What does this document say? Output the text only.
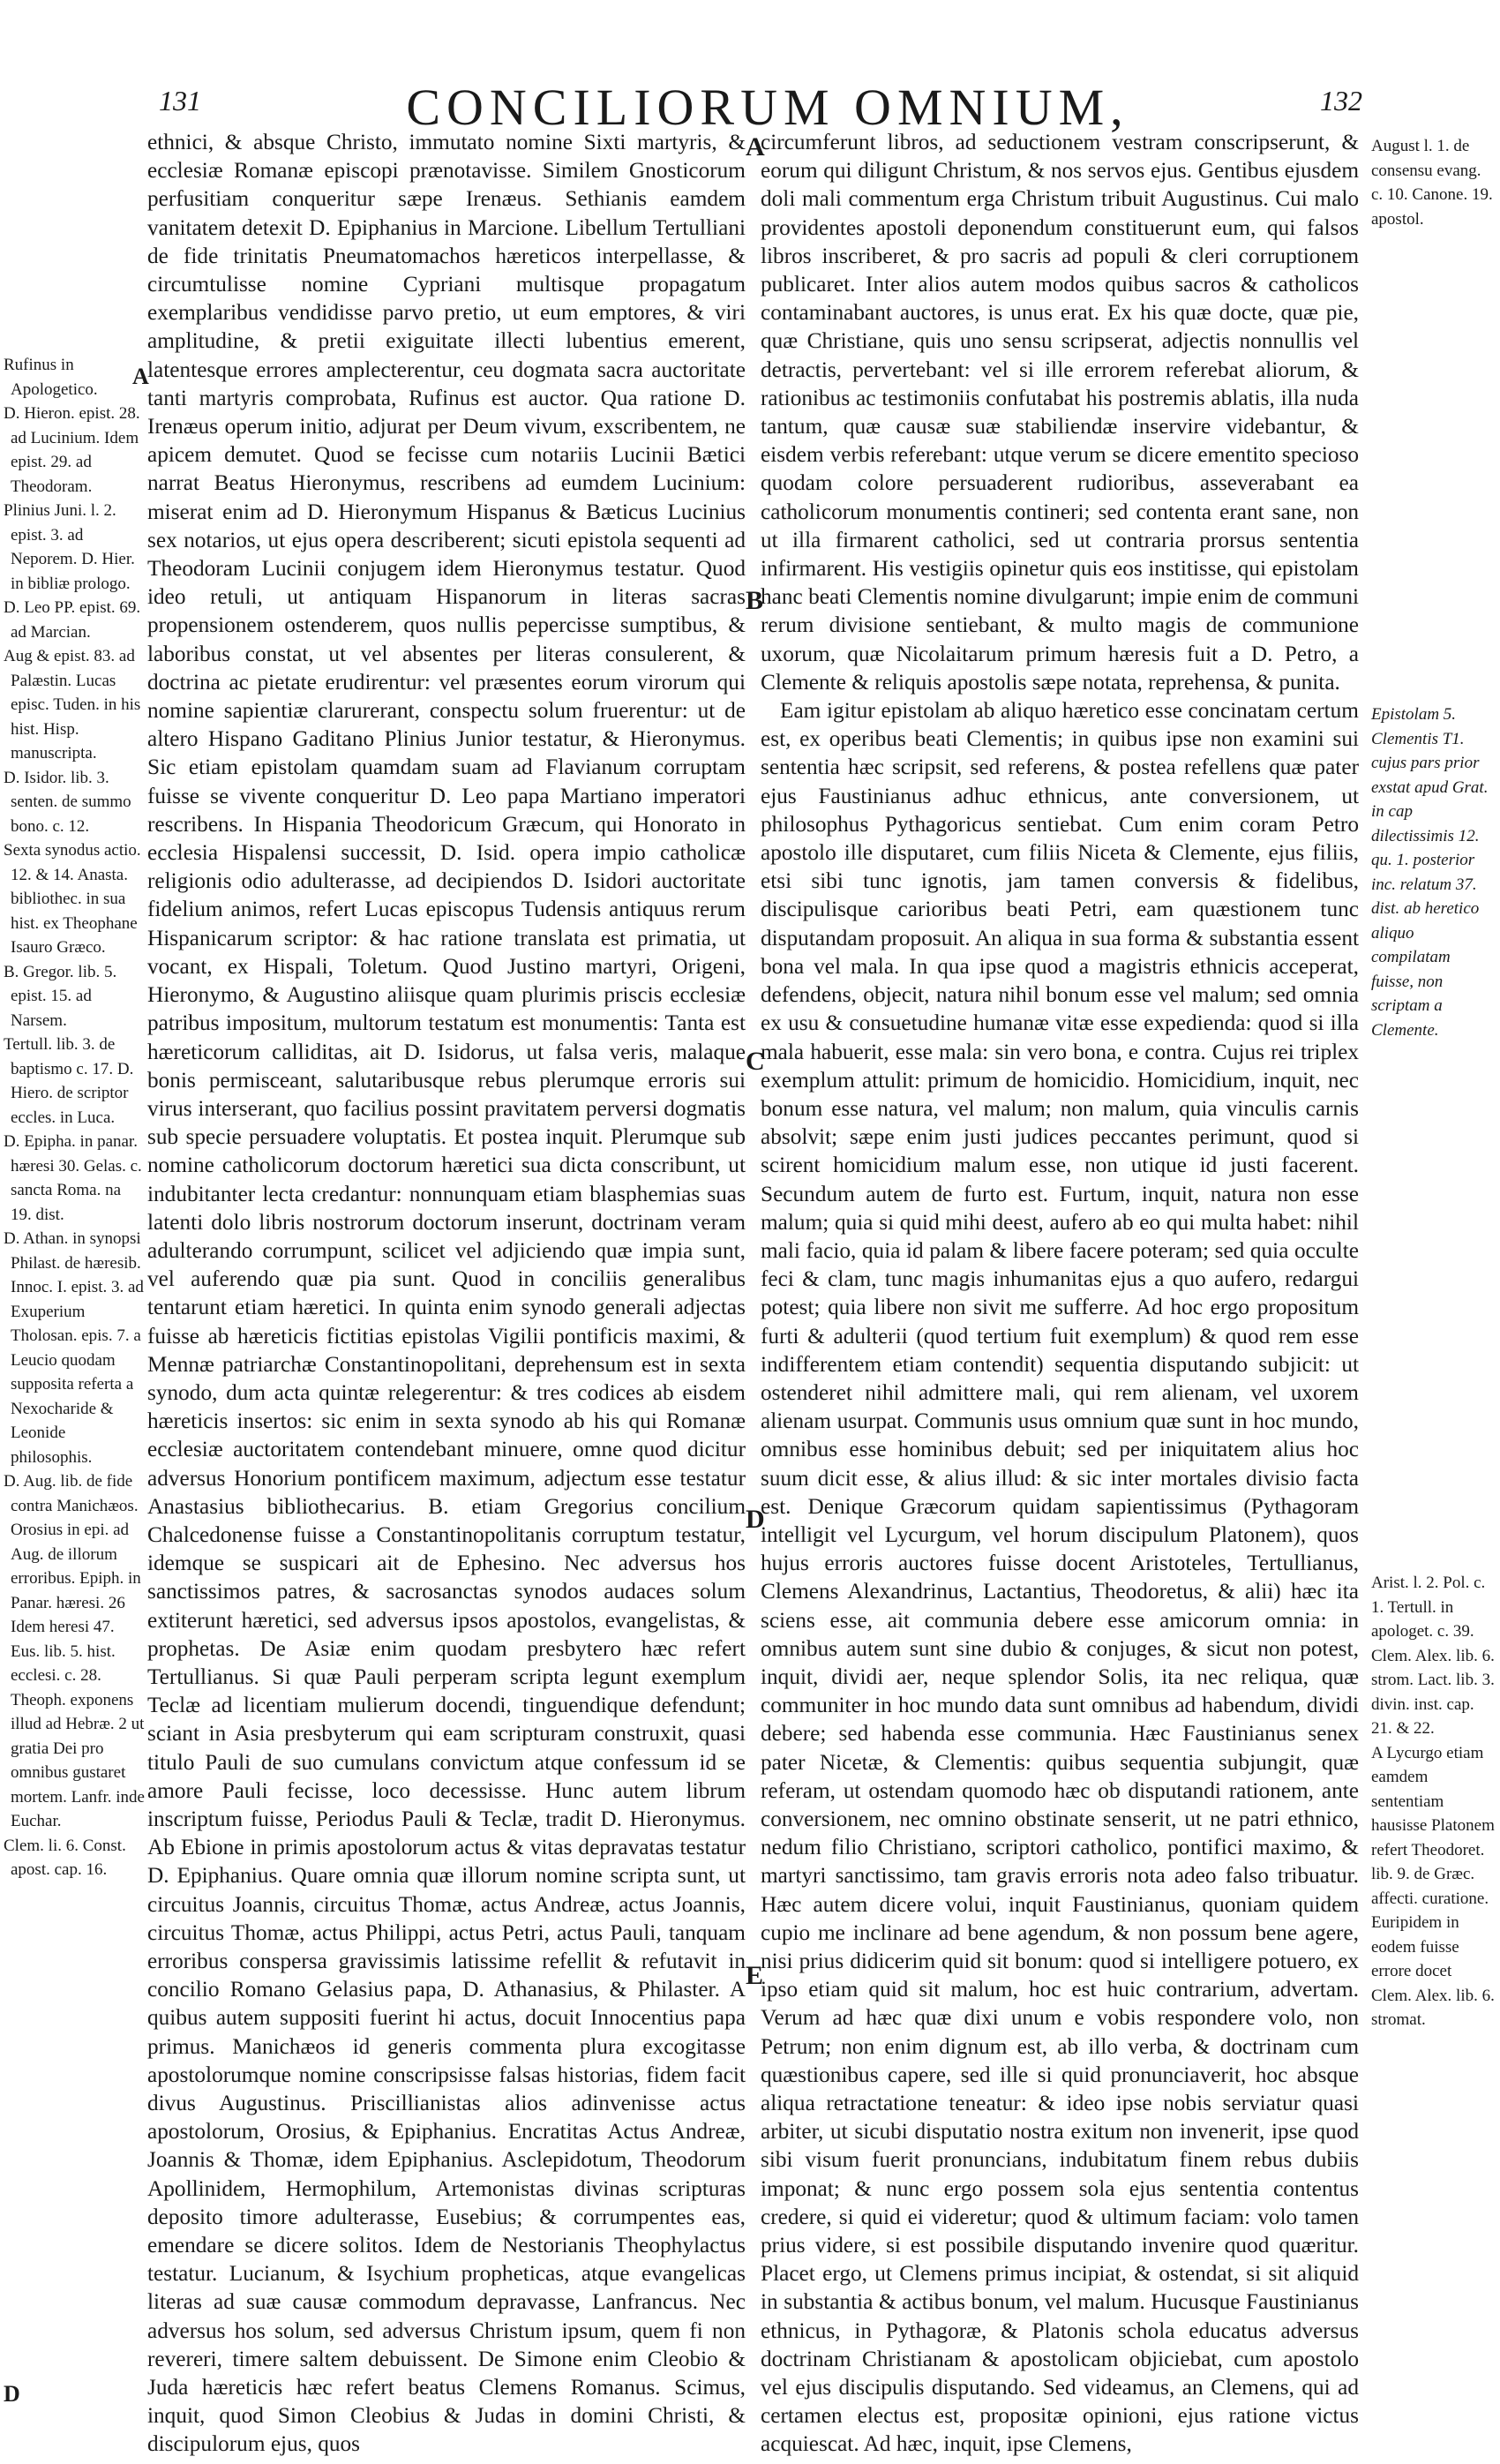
131	CONCILIORUM OMNIUM,	132
A
D
A
B
C
D
E

Rufinus in Apologetico.

D. Hieron. epist. 28. ad Lucinium. Idem epist. 29. ad Theodoram.

Plinius Juni. l. 2. epist. 3. ad Neporem. D. Hier. in bibliæ prologo.

D. Leo PP. epist. 69. ad Marcian.

Aug & epist. 83. ad Palæstin. Lucas episc. Tuden. in his hist. Hisp. manuscripta.

D. Isidor. lib. 3. senten. de summo bono. c. 12.

Sexta synodus actio. 12. & 14. Anasta. bibliothec. in sua hist. ex Theophane Isauro Græco.

B. Gregor. lib. 5. epist. 15. ad Narsem.

Tertull. lib. 3. de baptismo c. 17. D. Hiero. de scriptor eccles. in Luca.

D. Epipha. in panar. hæresi 30. Gelas. c. sancta Roma. na 19. dist.

D. Athan. in synopsi Philast. de hæresib. Innoc. I. epist. 3. ad Exuperium Tholosan. epis. 7. a Leucio quodam supposita referta a Nexocharide & Leonide philosophis.

D. Aug. lib. de fide contra Manichæos. Orosius in epi. ad Aug. de illorum erroribus. Epiph. in Panar. hæresi. 26 Idem heresi 47. Eus. lib. 5. hist. ecclesi. c. 28. Theoph. exponens illud ad Hebræ. 2 ut gratia Dei pro omnibus gustaret mortem. Lanfr. inde Euchar.

Clem. li. 6. Const. apost. cap. 16.

ethnici, & absque Christo, immutato nomine Sixti martyris, & ecclesiæ Romanæ episcopi prænotavisse. Similem Gnosticorum perfusitiam conqueritur sæpe Irenæus. Sethianis eamdem vanitatem detexit D. Epiphanius in Marcione. Libellum Tertulliani de fide trinitatis Pneumatomachos hæreticos interpellasse, & circumtulisse nomine Cypriani multisque propagatum exemplaribus vendidisse parvo pretio, ut eum emptores, & viri amplitudine, & pretii exiguitate illecti lubentius emerent, latentesque errores amplecterentur, ceu dogmata sacra auctoritate tanti martyris comprobata, Rufinus est auctor. Qua ratione D. Irenæus operum initio, adjurat per Deum vivum, exscribentem, ne apicem demutet. Quod se fecisse cum notariis Lucinii Bætici narrat Beatus Hieronymus, rescribens ad eumdem Lucinium: miserat enim ad D. Hieronymum Hispanus & Bæticus Lucinius sex notarios, ut ejus opera describerent; sicuti epistola sequenti ad Theodoram Lucinii conjugem idem Hieronymus testatur. Quod ideo retuli, ut antiquam Hispanorum in literas sacras propensionem ostenderem, quos nullis pepercisse sumptibus, & laboribus constat, ut vel absentes per literas consulerent, & doctrina ac pietate erudirentur: vel præsentes eorum virorum qui nomine sapientiæ clarurerant, conspectu solum fruerentur: ut de altero Hispano Gaditano Plinius Junior testatur, & Hieronymus. Sic etiam epistolam quamdam suam ad Flavianum corruptam fuisse se vivente conqueritur D. Leo papa Martiano imperatori rescribens. In Hispania Theodoricum Græcum, qui Honorato in ecclesia Hispalensi successit, D. Isid. opera impio catholicæ religionis odio adulterasse, ad decipiendos D. Isidori auctoritate fidelium animos, refert Lucas episcopus Tudensis antiquus rerum Hispanicarum scriptor: & hac ratione translata est primatia, ut vocant, ex Hispali, Toletum. Quod Justino martyri, Origeni, Hieronymo, & Augustino aliisque quam plurimis priscis ecclesiæ patribus impositum, multorum testatum est monumentis: Tanta est hæreticorum calliditas, ait D. Isidorus, ut falsa veris, malaque bonis permisceant, salutaribusque rebus plerumque erroris sui virus interserant, quo facilius possint pravitatem perversi dogmatis sub specie persuadere voluptatis. Et postea inquit. Plerumque sub nomine catholicorum doctorum hæretici sua dicta conscribunt, ut indubitanter lecta credantur: nonnunquam etiam blasphemias suas latenti dolo libris nostrorum doctorum inserunt, doctrinam veram adulterando corrumpunt, scilicet vel adjiciendo quæ impia sunt, vel auferendo quæ pia sunt. Quod in conciliis generalibus tentarunt etiam hæretici. In quinta enim synodo generali adjectas fuisse ab hæreticis fictitias epistolas Vigilii pontificis maximi, & Mennæ patriarchæ Constantinopolitani, deprehensum est in sexta synodo, dum acta quintæ relegerentur: & tres codices ab eisdem hæreticis insertos: sic enim in sexta synodo ab his qui Romanæ ecclesiæ auctoritatem contendebant minuere, omne quod dicitur adversus Honorium pontificem maximum, adjectum esse testatur Anastasius bibliothecarius. B. etiam Gregorius concilium Chalcedonense fuisse a Constantinopolitanis corruptum testatur, idemque se suspicari ait de Ephesino. Nec adversus hos sanctissimos patres, & sacrosanctas synodos audaces solum extiterunt hæretici, sed adversus ipsos apostolos, evangelistas, & prophetas. De Asiæ enim quodam presbytero hæc refert Tertullianus. Si quæ Pauli perperam scripta legunt exemplum Teclæ ad licentiam mulierum docendi, tinguendique defendunt; sciant in Asia presbyterum qui eam scripturam construxit, quasi titulo Pauli de suo cumulans convictum atque confessum id se amore Pauli fecisse, loco decessisse. Hunc autem librum inscriptum fuisse, Periodus Pauli & Teclæ, tradit D. Hieronymus. Ab Ebione in primis apostolorum actus & vitas depravatas testatur D. Epiphanius. Quare omnia quæ illorum nomine scripta sunt, ut circuitus Joannis, circuitus Thomæ, actus Andreæ, actus Joannis, circuitus Thomæ, actus Philippi, actus Petri, actus Pauli, tanquam erroribus conspersa gravissimis latissime refellit & refutavit in concilio Romano Gelasius papa, D. Athanasius, & Philaster. A quibus autem suppositi fuerint hi actus, docuit Innocentius papa primus. Manichæos id generis commenta plura excogitasse apostolorumque nomine conscripsisse falsas historias, fidem facit divus Augustinus. Priscillianistas alios adinvenisse actus apostolorum, Orosius, & Epiphanius. Encratitas Actus Andreæ, Joannis & Thomæ, idem Epiphanius. Asclepidotum, Theodorum Apollinidem, Hermophilum, Artemonistas divinas scripturas deposito timore adulterasse, Eusebius; & corrumpentes eas, emendare se dicere solitos. Idem de Nestorianis Theophylactus testatur. Lucianum, & Isychium propheticas, atque evangelicas literas ad suæ causæ commodum depravasse, Lanfrancus. Nec adversus hos solum, sed adversus Christum ipsum, quem fi non revereri, timere saltem debuissent. De Simone enim Cleobio & Juda hæreticis hæc refert beatus Clemens Romanus. Scimus, inquit, quod Simon Cleobius & Judas in domini Christi, & discipulorum ejus, quos

circumferunt libros, ad seductionem vestram conscripserunt, & eorum qui diligunt Christum, & nos servos ejus. Gentibus ejusdem doli mali commentum erga Christum tribuit Augustinus. Cui malo providentes apostoli deponendum constituerunt eum, qui falsos libros inscriberet, & pro sacris ad populi & cleri corruptionem publicaret. Inter alios autem modos quibus sacros & catholicos contaminabant auctores, is unus erat. Ex his quæ docte, quæ pie, quæ Christiane, quis uno sensu scripserat, adjectis nonnullis vel detractis, pervertebant: vel si ille errorem referebat aliorum, & rationibus ac testimoniis confutabat his postremis ablatis, illa nuda tantum, quæ causæ suæ stabiliendæ inservire videbantur, & eisdem verbis referebant: utque verum se dicere ementito specioso quodam colore persuaderent rudioribus, asseverabant ea catholicorum monumentis contineri; sed contenta erant sane, non ut illa firmarent catholici, sed ut contraria prorsus sententia infirmarent. His vestigiis opinetur quis eos institisse, qui epistolam hanc beati Clementis nomine divulgarunt; impie enim de communi rerum divisione sentiebant, & multo magis de communione uxorum, quæ Nicolaitarum primum hæresis fuit a D. Petro, a Clemente & reliquis apostolis sæpe notata, reprehensa, & punita.

Eam igitur epistolam ab aliquo hæretico esse concinatam certum est, ex operibus beati Clementis; in quibus ipse non examini sui sententia hæc scripsit, sed referens, & postea refellens quæ pater ejus Faustinianus adhuc ethnicus, ante conversionem, ut philosophus Pythagoricus sentiebat. Cum enim coram Petro apostolo ille disputaret, cum filiis Niceta & Clemente, ejus filiis, etsi sibi tunc ignotis, jam tamen conversis & fidelibus, discipulisque carioribus beati Petri, eam quæstionem tunc disputandam proposuit. An aliqua in sua forma & substantia essent bona vel mala. In qua ipse quod a magistris ethnicis acceperat, defendens, objecit, natura nihil bonum esse vel malum; sed omnia ex usu & consuetudine humanæ vitæ esse expedienda: quod si illa mala habuerit, esse mala: sin vero bona, e contra. Cujus rei triplex exemplum attulit: primum de homicidio. Homicidium, inquit, nec bonum esse natura, vel malum; non malum, quia vinculis carnis absolvit; sæpe enim justi judices peccantes perimunt, quod si scirent homicidium malum esse, non utique id justi facerent. Secundum autem de furto est. Furtum, inquit, natura non esse malum; quia si quid mihi deest, aufero ab eo qui multa habet: nihil mali facio, quia id palam & libere facere poteram; sed quia occulte feci & clam, tunc magis inhumanitas ejus a quo aufero, redargui potest; quia libere non sivit me sufferre. Ad hoc ergo propositum furti & adulterii (quod tertium fuit exemplum) & quod rem esse indifferentem etiam contendit) sequentia disputando subjicit: ut ostenderet nihil admittere mali, qui rem alienam, vel uxorem alienam usurpat. Communis usus omnium quæ sunt in hoc mundo, omnibus esse hominibus debuit; sed per iniquitatem alius hoc suum dicit esse, & alius illud: & sic inter mortales divisio facta est. Denique Græcorum quidam sapientissimus (Pythagoram intelligit vel Lycurgum, vel horum discipulum Platonem), quos hujus erroris auctores fuisse docent Aristoteles, Tertullianus, Clemens Alexandrinus, Lactantius, Theodoretus, & alii) hæc ita sciens esse, ait communia debere esse amicorum omnia: in omnibus autem sunt sine dubio & conjuges, & sicut non potest, inquit, dividi aer, neque splendor Solis, ita nec reliqua, quæ communiter in hoc mundo data sunt omnibus ad habendum, dividi debere; sed habenda esse communia. Hæc Faustinianus senex pater Nicetæ, & Clementis: quibus sequentia subjungit, quæ referam, ut ostendam quomodo hæc ob disputandi rationem, ante conversionem, nec omnino obstinate senserit, ut ne patri ethnico, nedum filio Christiano, scriptori catholico, pontifici maximo, & martyri sanctissimo, tam gravis erroris nota adeo falso tribuatur. Hæc autem dicere volui, inquit Faustinianus, quoniam quidem cupio me inclinare ad bene agendum, & non possum bene agere, nisi prius didicerim quid sit bonum: quod si intelligere potuero, ex ipso etiam quid sit malum, hoc est huic contrarium, advertam. Verum ad hæc quæ dixi unum e vobis respondere volo, non Petrum; non enim dignum est, ab illo verba, & doctrinam cum quæstionibus capere, sed ille si quid pronunciaverit, hoc absque aliqua retractatione teneatur: & ideo ipse nobis serviatur quasi arbiter, ut sicubi disputatio nostra exitum non invenerit, ipse quod sibi visum fuerit pronuncians, indubitatum finem rebus dubiis imponat; & nunc ergo possem sola ejus sententia contentus credere, si quid ei videretur; quod & ultimum faciam: volo tamen prius videre, si est possibile disputando invenire quod quæritur. Placet ergo, ut Clemens primus incipiat, & ostendat, si sit aliquid in substantia & actibus bonum, vel malum. Hucusque Faustinianus ethnicus, in Pythagoræ, & Platonis schola educatus adversus doctrinam Christianam & apostolicam objiciebat, cum apostolo vel ejus discipulis disputando. Sed videamus, an Clemens, qui ad certamen electus est, propositæ opinioni, ejus ratione victus acquiescat. Ad hæc, inquit, ipse Clemens,

August l. 1. de consensu evang. c. 10. Canone. 19. apostol.

Epistolam 5. Clementis T1. cujus pars prior exstat apud Grat. in cap dilectissimis 12. qu. 1. posterior inc. relatum 37. dist. ab heretico aliquo compilatam fuisse, non scriptam a Clemente.

Arist. l. 2. Pol. c. 1. Tertull. in apologet. c. 39. Clem. Alex. lib. 6. strom. Lact. lib. 3. divin. inst. cap. 21. & 22.

A Lycurgo etiam eamdem sententiam hausisse Platonem refert Theodoret. lib. 9. de Græc. affecti. curatione. Euripidem in eodem fuisse errore docet Clem. Alex. lib. 6. stromat.
